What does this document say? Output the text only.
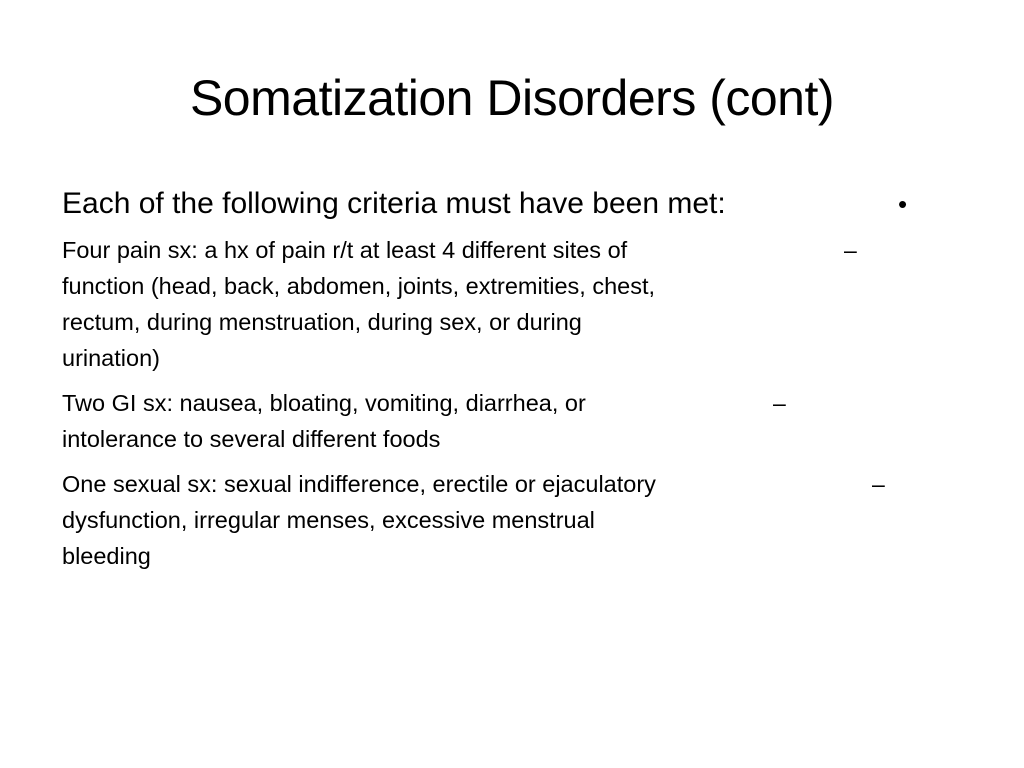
Somatization Disorders (cont)
Each of the following criteria must have been met:	•
Four pain sx: a hx of pain r/t at least 4 different sites of	–
function (head, back, abdomen, joints, extremities, chest,
rectum, during menstruation, during sex, or during
urination)
Two GI sx: nausea, bloating, vomiting, diarrhea, or	–
intolerance to several different foods
One sexual sx: sexual indifference, erectile or ejaculatory	–
dysfunction, irregular menses, excessive menstrual
bleeding
